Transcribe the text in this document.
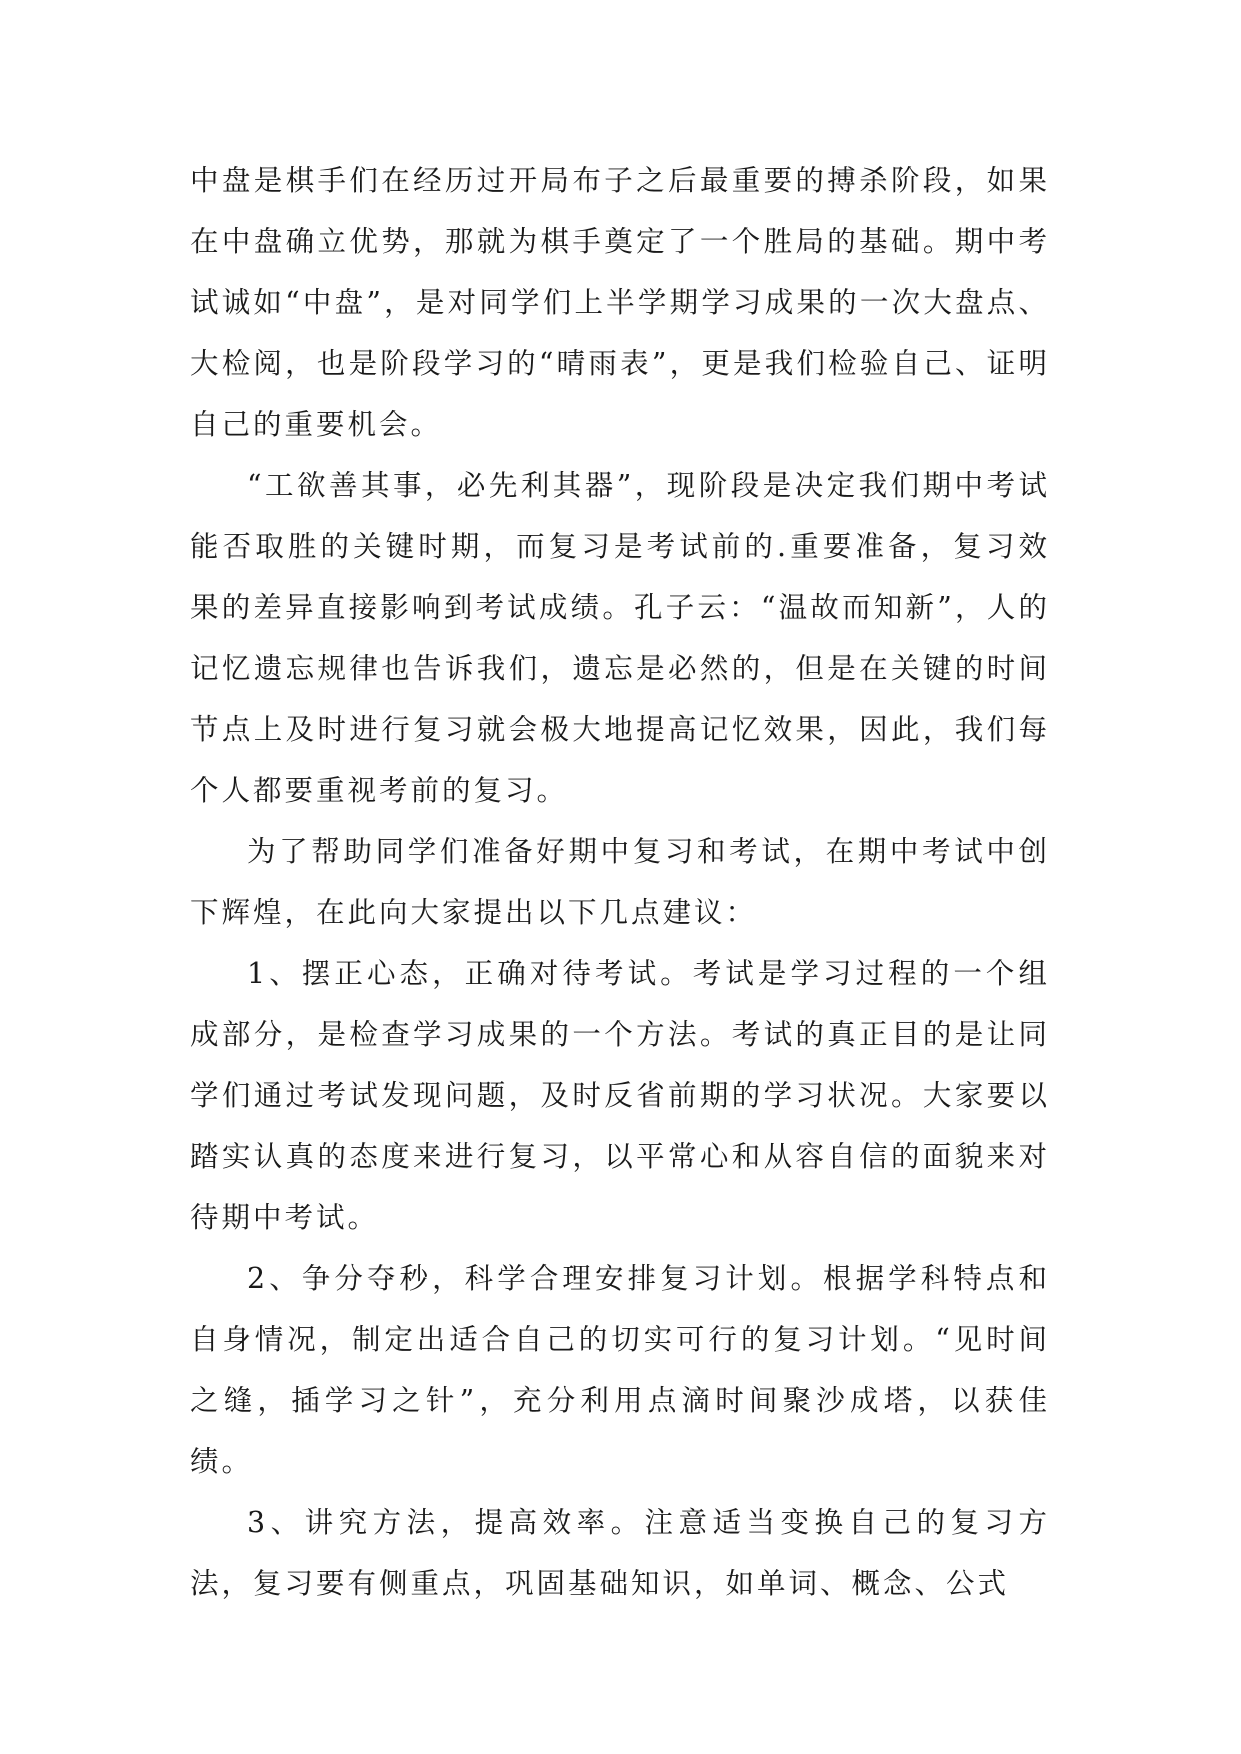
中盘是棋手们在经历过开局布子之后最重要的搏杀阶段，如果在中盘确立优势，那就为棋手奠定了一个胜局的基础。期中考试诚如“中盘”，是对同学们上半学期学习成果的一次大盘点、大检阅，也是阶段学习的“晴雨表”，更是我们检验自己、证明自己的重要机会。

“工欲善其事，必先利其器”，现阶段是决定我们期中考试能否取胜的关键时期，而复习是考试前的.重要准备，复习效果的差异直接影响到考试成绩。孔子云：“温故而知新”，人的记忆遗忘规律也告诉我们，遗忘是必然的，但是在关键的时间节点上及时进行复习就会极大地提高记忆效果，因此，我们每个人都要重视考前的复习。

为了帮助同学们准备好期中复习和考试，在期中考试中创下辉煌，在此向大家提出以下几点建议：

1、摆正心态，正确对待考试。考试是学习过程的一个组成部分，是检查学习成果的一个方法。考试的真正目的是让同学们通过考试发现问题，及时反省前期的学习状况。大家要以踏实认真的态度来进行复习，以平常心和从容自信的面貌来对待期中考试。

2、争分夺秒，科学合理安排复习计划。根据学科特点和自身情况，制定出适合自己的切实可行的复习计划。“见时间之缝，插学习之针”，充分利用点滴时间聚沙成塔，以获佳绩。

3、讲究方法，提高效率。注意适当变换自己的复习方法，复习要有侧重点，巩固基础知识，如单词、概念、公式
